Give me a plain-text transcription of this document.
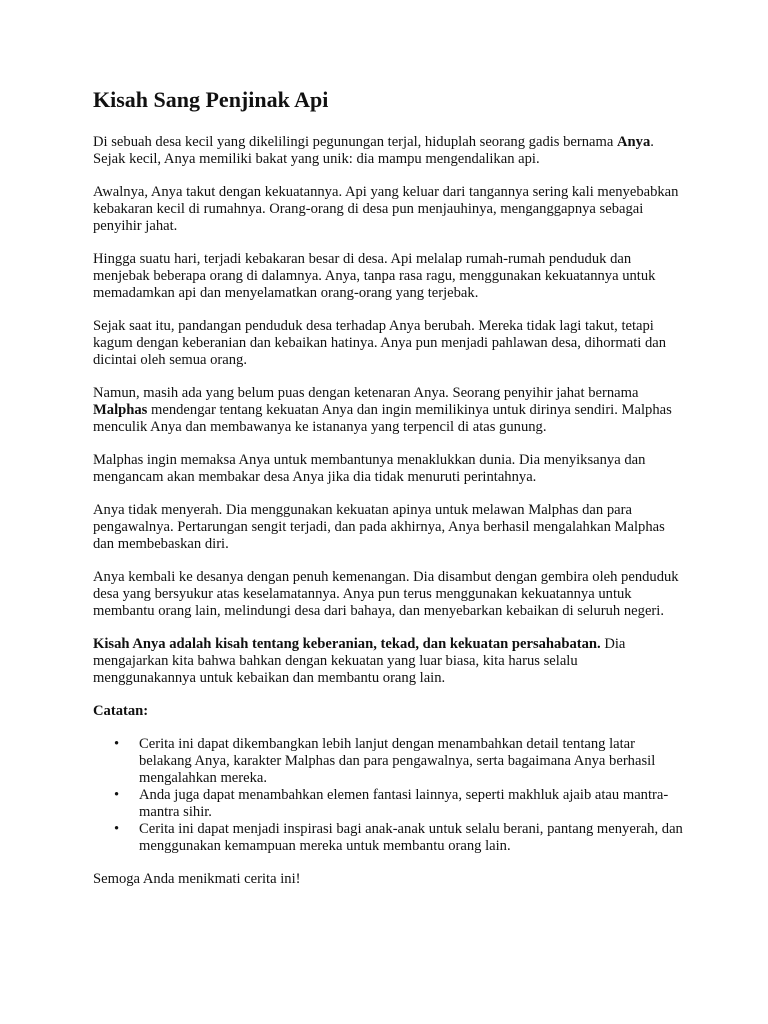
Kisah Sang Penjinak Api

Di sebuah desa kecil yang dikelilingi pegunungan terjal, hiduplah seorang gadis bernama Anya. Sejak kecil, Anya memiliki bakat yang unik: dia mampu mengendalikan api.

Awalnya, Anya takut dengan kekuatannya. Api yang keluar dari tangannya sering kali menyebabkan kebakaran kecil di rumahnya. Orang-orang di desa pun menjauhinya, menganggapnya sebagai penyihir jahat.

Hingga suatu hari, terjadi kebakaran besar di desa. Api melalap rumah-rumah penduduk dan menjebak beberapa orang di dalamnya. Anya, tanpa rasa ragu, menggunakan kekuatannya untuk memadamkan api dan menyelamatkan orang-orang yang terjebak.

Sejak saat itu, pandangan penduduk desa terhadap Anya berubah. Mereka tidak lagi takut, tetapi kagum dengan keberanian dan kebaikan hatinya. Anya pun menjadi pahlawan desa, dihormati dan dicintai oleh semua orang.

Namun, masih ada yang belum puas dengan ketenaran Anya. Seorang penyihir jahat bernama Malphas mendengar tentang kekuatan Anya dan ingin memilikinya untuk dirinya sendiri. Malphas menculik Anya dan membawanya ke istananya yang terpencil di atas gunung.

Malphas ingin memaksa Anya untuk membantunya menaklukkan dunia. Dia menyiksanya dan mengancam akan membakar desa Anya jika dia tidak menuruti perintahnya.

Anya tidak menyerah. Dia menggunakan kekuatan apinya untuk melawan Malphas dan para pengawalnya. Pertarungan sengit terjadi, dan pada akhirnya, Anya berhasil mengalahkan Malphas dan membebaskan diri.

Anya kembali ke desanya dengan penuh kemenangan. Dia disambut dengan gembira oleh penduduk desa yang bersyukur atas keselamatannya. Anya pun terus menggunakan kekuatannya untuk membantu orang lain, melindungi desa dari bahaya, dan menyebarkan kebaikan di seluruh negeri.

Kisah Anya adalah kisah tentang keberanian, tekad, dan kekuatan persahabatan. Dia mengajarkan kita bahwa bahkan dengan kekuatan yang luar biasa, kita harus selalu menggunakannya untuk kebaikan dan membantu orang lain.

Catatan:

• Cerita ini dapat dikembangkan lebih lanjut dengan menambahkan detail tentang latar belakang Anya, karakter Malphas dan para pengawalnya, serta bagaimana Anya berhasil mengalahkan mereka.
• Anda juga dapat menambahkan elemen fantasi lainnya, seperti makhluk ajaib atau mantra-mantra sihir.
• Cerita ini dapat menjadi inspirasi bagi anak-anak untuk selalu berani, pantang menyerah, dan menggunakan kemampuan mereka untuk membantu orang lain.

Semoga Anda menikmati cerita ini!
